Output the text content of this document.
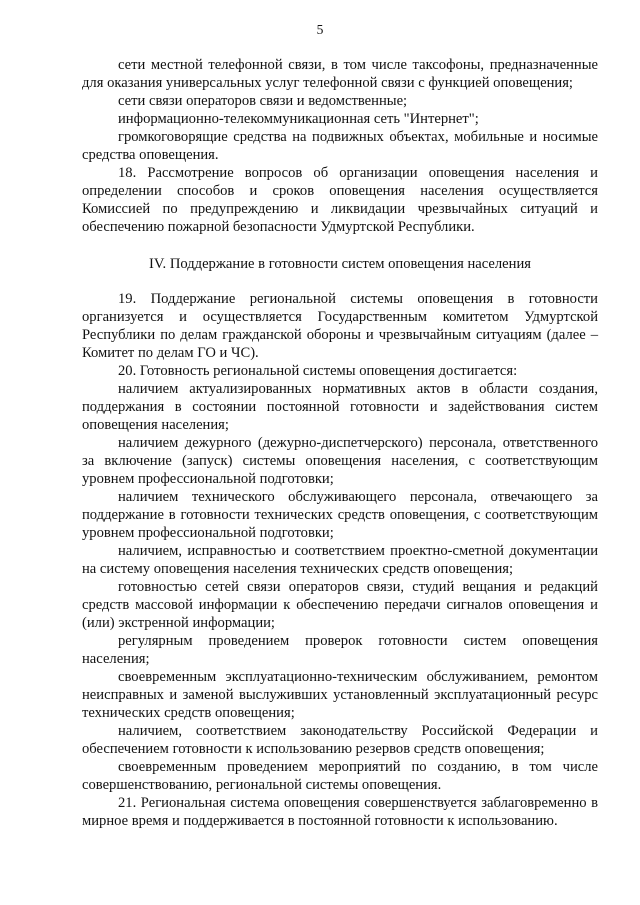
5

сети местной телефонной связи, в том числе таксофоны, предназначенные для оказания универсальных услуг телефонной связи с функцией оповещения;

сети связи операторов связи и ведомственные;

информационно-телекоммуникационная сеть "Интернет";

громкоговорящие средства на подвижных объектах, мобильные и носимые средства оповещения.

18. Рассмотрение вопросов об организации оповещения населения и определении способов и сроков оповещения населения осуществляется Комиссией по предупреждению и ликвидации чрезвычайных ситуаций и обеспечению пожарной безопасности Удмуртской Республики.

IV. Поддержание в готовности систем оповещения населения

19. Поддержание региональной системы оповещения в готовности организуется и осуществляется Государственным комитетом Удмуртской Республики по делам гражданской обороны и чрезвычайным ситуациям (далее – Комитет по делам ГО и ЧС).

20. Готовность региональной системы оповещения достигается:

наличием актуализированных нормативных актов в области создания, поддержания в состоянии постоянной готовности и задействования систем оповещения населения;

наличием дежурного (дежурно-диспетчерского) персонала, ответственного за включение (запуск) системы оповещения населения, с соответствующим уровнем профессиональной подготовки;

наличием технического обслуживающего персонала, отвечающего за поддержание в готовности технических средств оповещения, с соответствующим уровнем профессиональной подготовки;

наличием, исправностью и соответствием проектно-сметной документации на систему оповещения населения технических средств оповещения;

готовностью сетей связи операторов связи, студий вещания и редакций средств массовой информации к обеспечению передачи сигналов оповещения и (или) экстренной информации;

регулярным проведением проверок готовности систем оповещения населения;

своевременным эксплуатационно-техническим обслуживанием, ремонтом неисправных и заменой выслуживших установленный эксплуатационный ресурс технических средств оповещения;

наличием, соответствием законодательству Российской Федерации и обеспечением готовности к использованию резервов средств оповещения;

своевременным проведением мероприятий по созданию, в том числе совершенствованию, региональной системы оповещения.

21. Региональная система оповещения совершенствуется заблаговременно в мирное время и поддерживается в постоянной готовности к использованию.
